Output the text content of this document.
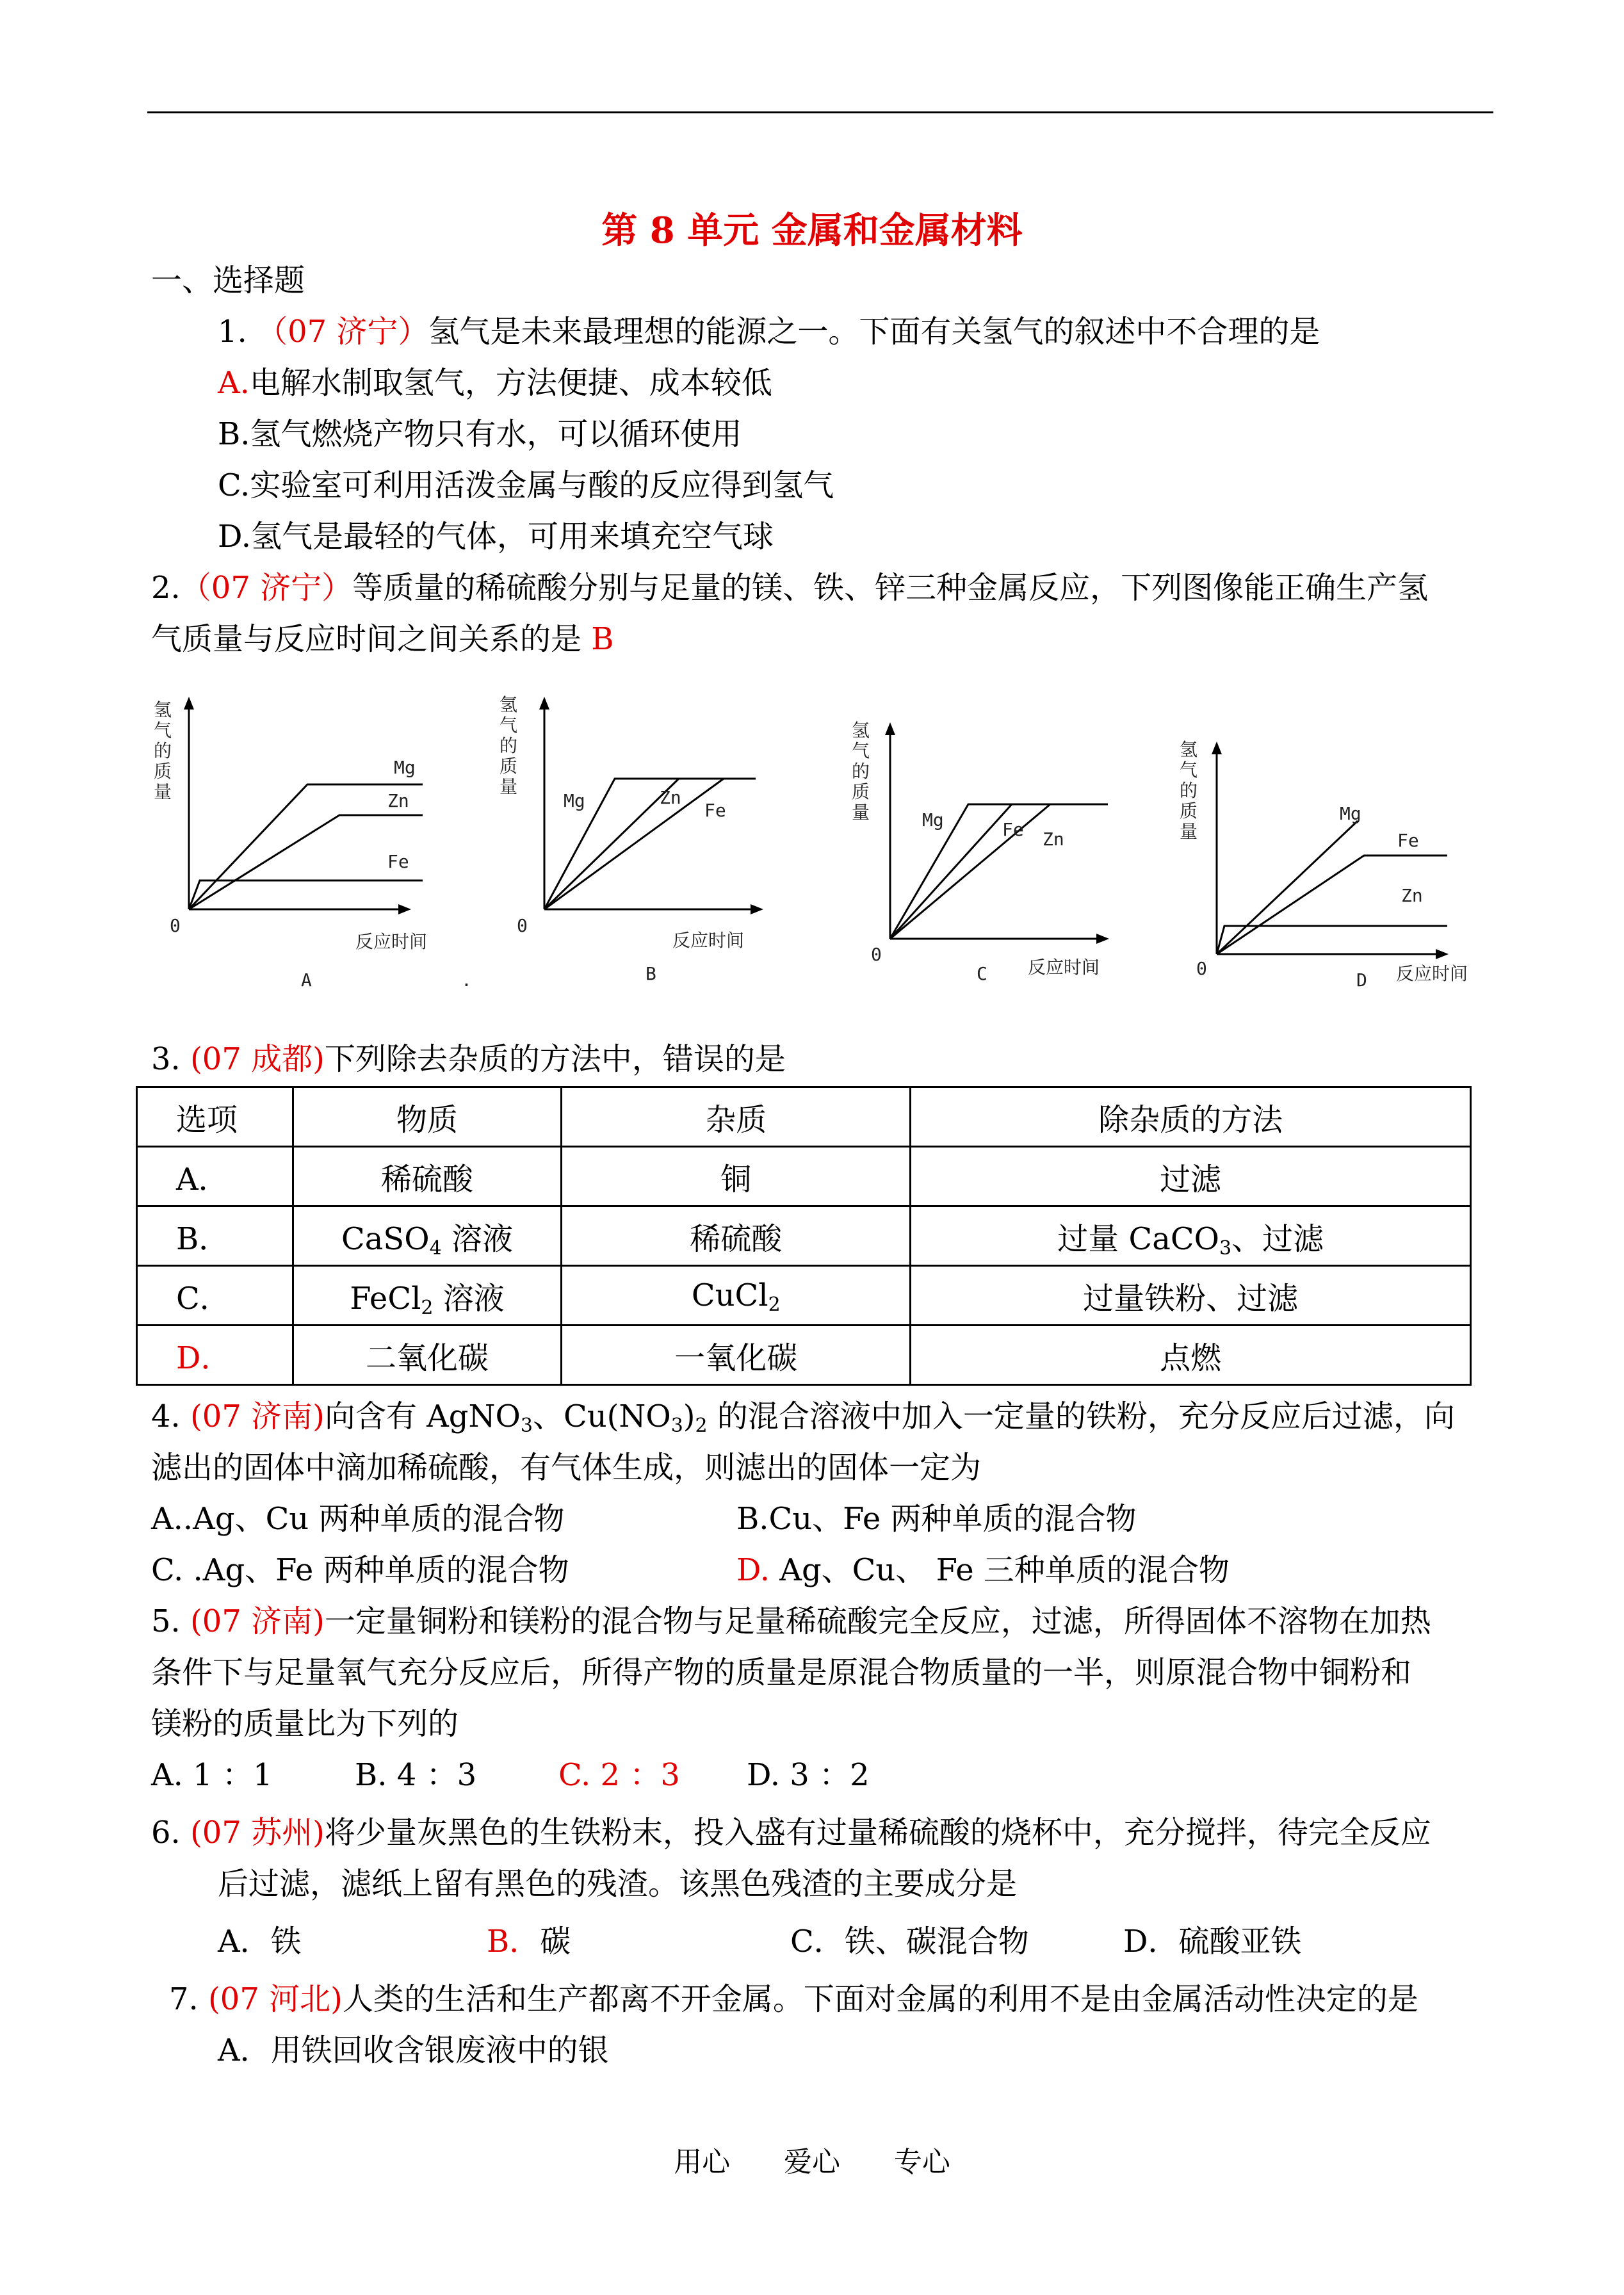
第 8 单元 金属和金属材料
一、选择题
1. （07 济宁）氢气是未来最理想的能源之一。下面有关氢气的叙述中不合理的是
A.电解水制取氢气，方法便捷、成本较低
B.氢气燃烧产物只有水，可以循环使用
C.实验室可利用活泼金属与酸的反应得到氢气
D.氢气是最轻的气体，可用来填充空气球
2.（07 济宁）等质量的稀硫酸分别与足量的镁、铁、锌三种金属反应，下列图像能正确生产氢
气质量与反应时间之间关系的是 B
氢
气
的
质
量
Mg
Zn
Fe
0
反应时间
A	.
氢
气
的
质
量
Mg	Zn
Fe
0
反应时间
B
氢
气
的
质
量	Mg	Fe Zn
0
反应时间
C
氢
气
的
质
量
Mg
Fe
Zn
0	反应时间
D
3. (07 成都)下列除去杂质的方法中，错误的是
选项	物质	杂质	除杂质的方法
A．	稀硫酸	铜	过滤
B．	CaSO$_4$ 溶液	稀硫酸	过量 CaCO$_3$、过滤
C．	FeCl$_2$ 溶液	CuCl$_2$	过量铁粉、过滤
D．	二氧化碳	一氧化碳	点燃
4. (07 济南)向含有 AgNO$_3$、$Cu(NO_3)_2$ 的混合溶液中加入一定量的铁粉，充分反应后过滤，向
滤出的固体中滴加稀硫酸，有气体生成，则滤出的固体一定为
A..Ag、Cu 两种单质的混合物	B.Cu、Fe 两种单质的混合物
C. .Ag、Fe 两种单质的混合物	D. Ag、Cu、 Fe 三种单质的混合物
5. (07 济南)一定量铜粉和镁粉的混合物与足量稀硫酸完全反应，过滤，所得固体不溶物在加热
条件下与足量氧气充分反应后，所得产物的质量是原混合物质量的一半，则原混合物中铜粉和
镁粉的质量比为下列的
A. 1 ：1	B. 4 ：3	C. 2 ：3 D. 3 ：2
6. (07 苏州)将少量灰黑色的生铁粉末，投入盛有过量稀硫酸的烧杯中，充分搅拌，待完全反应
后过滤，滤纸上留有黑色的残渣。该黑色残渣的主要成分是
A．铁	B．碳	C．铁、碳混合物	D．硫酸亚铁
7. (07 河北)人类的生活和生产都离不开金属。下面对金属的利用不是由金属活动性决定的是
A．用铁回收含银废液中的银
用心      爱心      专心
